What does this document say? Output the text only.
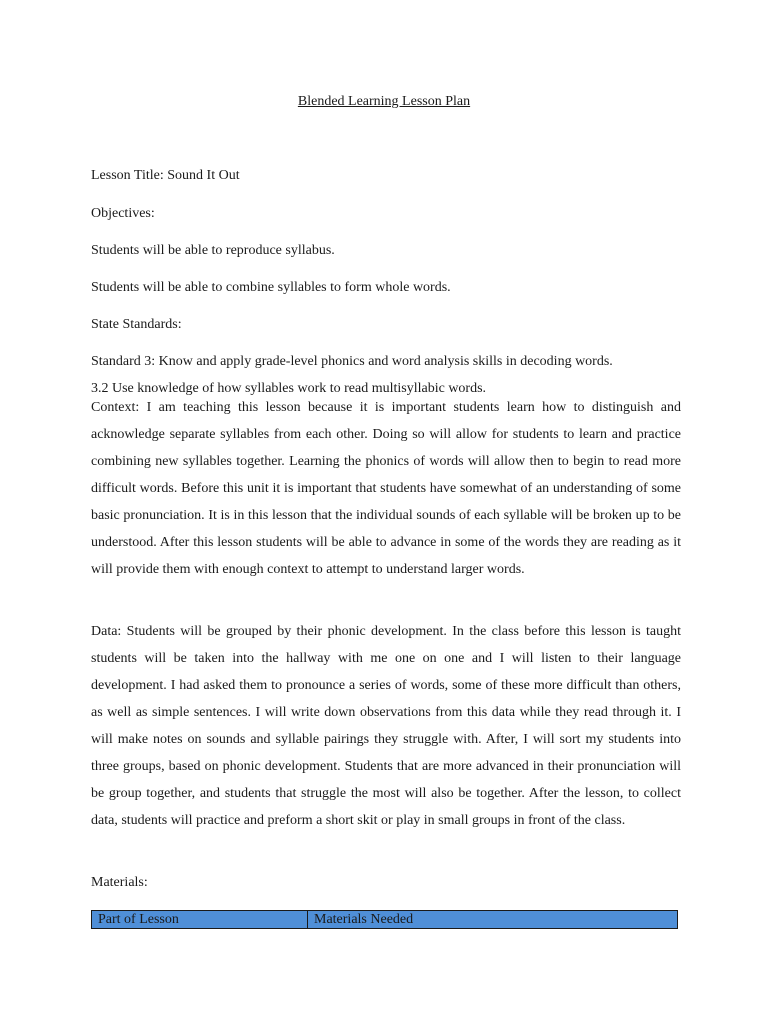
Blended Learning Lesson Plan
Lesson Title: Sound It Out
Objectives:
Students will be able to reproduce syllabus.
Students will be able to combine syllables to form whole words.
State Standards:
Standard 3: Know and apply grade-level phonics and word analysis skills in decoding words.
3.2 Use knowledge of how syllables work to read multisyllabic words.
Context: I am teaching this lesson because it is important students learn how to distinguish and acknowledge separate syllables from each other. Doing so will allow for students to learn and practice combining new syllables together. Learning the phonics of words will allow then to begin to read more difficult words. Before this unit it is important that students have somewhat of an understanding of some basic pronunciation. It is in this lesson that the individual sounds of each syllable will be broken up to be understood. After this lesson students will be able to advance in some of the words they are reading as it will provide them with enough context to attempt to understand larger words.
Data: Students will be grouped by their phonic development. In the class before this lesson is taught students will be taken into the hallway with me one on one and I will listen to their language development. I had asked them to pronounce a series of words, some of these more difficult than others, as well as simple sentences. I will write down observations from this data while they read through it. I will make notes on sounds and syllable pairings they struggle with. After, I will sort my students into three groups, based on phonic development. Students that are more advanced in their pronunciation will be group together, and students that struggle the most will also be together. After the lesson, to collect data, students will practice and preform a short skit or play in small groups in front of the class.
Materials:
Part of Lesson	Materials Needed
